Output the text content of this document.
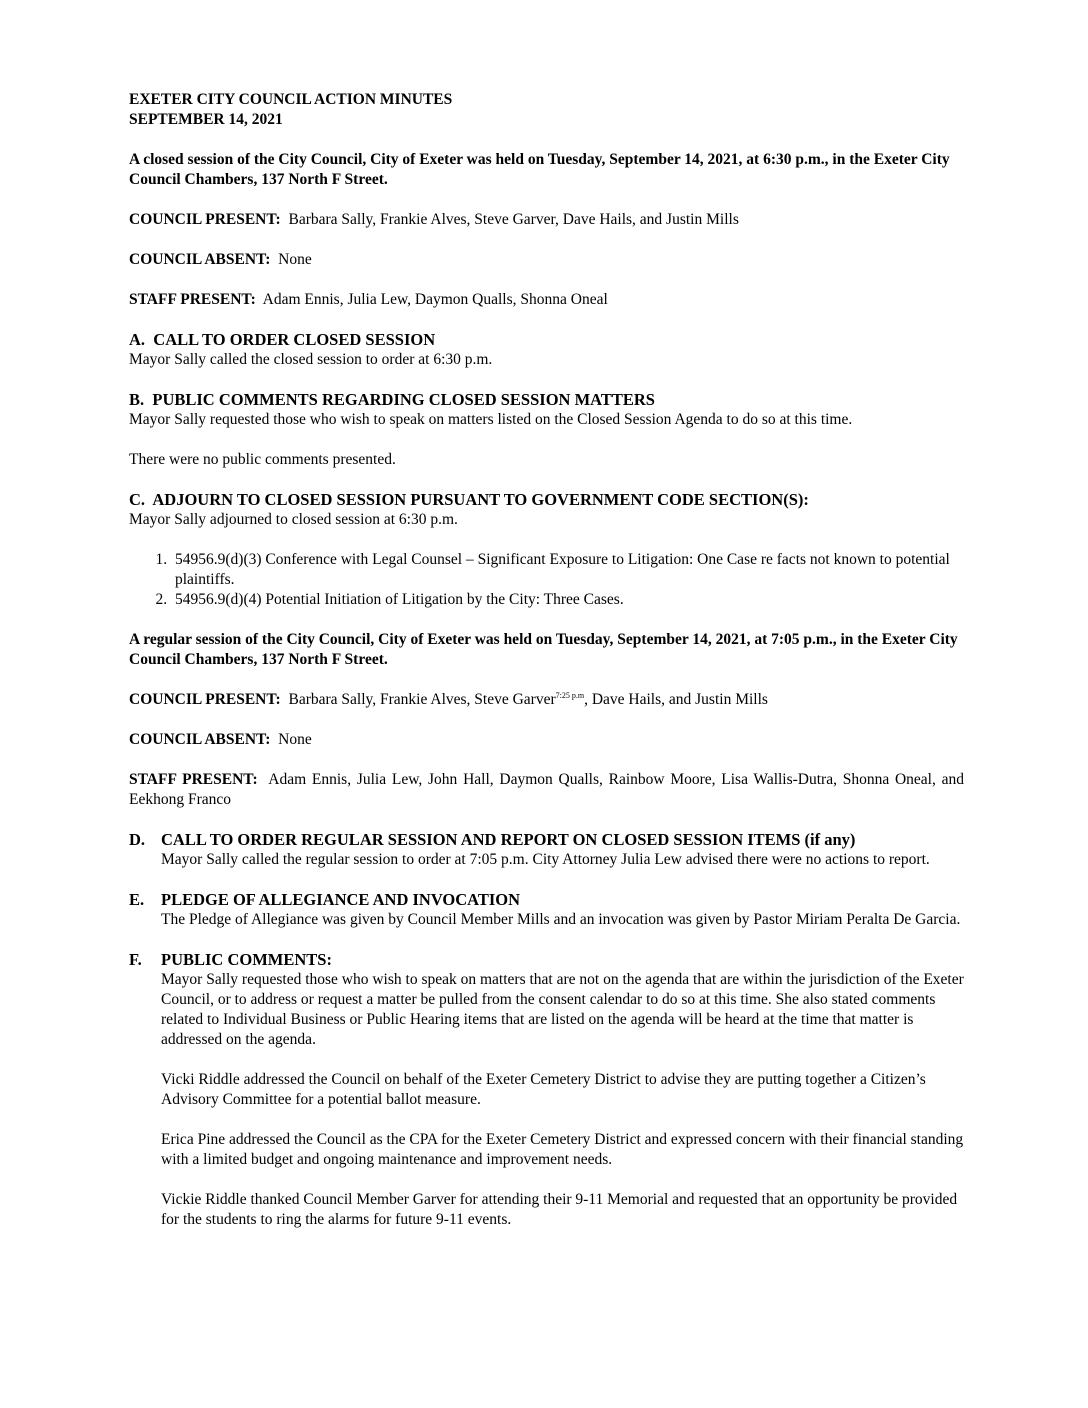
EXETER CITY COUNCIL ACTION MINUTES

SEPTEMBER 14, 2021

A closed session of the City Council, City of Exeter was held on Tuesday, September 14, 2021, at 6:30 p.m., in the Exeter City Council Chambers, 137 North F Street.

COUNCIL PRESENT: Barbara Sally, Frankie Alves, Steve Garver, Dave Hails, and Justin Mills

COUNCIL ABSENT: None

STAFF PRESENT: Adam Ennis, Julia Lew, Daymon Qualls, Shonna Oneal

A.  CALL TO ORDER CLOSED SESSION

Mayor Sally called the closed session to order at 6:30 p.m.

B.  PUBLIC COMMENTS REGARDING CLOSED SESSION MATTERS

Mayor Sally requested those who wish to speak on matters listed on the Closed Session Agenda to do so at this time.

There were no public comments presented.

C.  ADJOURN TO CLOSED SESSION PURSUANT TO GOVERNMENT CODE SECTION(S):

Mayor Sally adjourned to closed session at 6:30 p.m.

1. 54956.9(d)(3) Conference with Legal Counsel – Significant Exposure to Litigation: One Case re facts not known to potential plaintiffs.
2. 54956.9(d)(4) Potential Initiation of Litigation by the City: Three Cases.

A regular session of the City Council, City of Exeter was held on Tuesday, September 14, 2021, at 7:05 p.m., in the Exeter City Council Chambers, 137 North F Street.

COUNCIL PRESENT: Barbara Sally, Frankie Alves, Steve Garver$^{7:25 p.m}$, Dave Hails, and Justin Mills

COUNCIL ABSENT: None

STAFF PRESENT: Adam Ennis, Julia Lew, John Hall, Daymon Qualls, Rainbow Moore, Lisa Wallis-Dutra, Shonna Oneal, and Eekhong Franco

D. CALL TO ORDER REGULAR SESSION AND REPORT ON CLOSED SESSION ITEMS (if any)

Mayor Sally called the regular session to order at 7:05 p.m. City Attorney Julia Lew advised there were no actions to report.

E.	PLEDGE OF ALLEGIANCE AND INVOCATION

The Pledge of Allegiance was given by Council Member Mills and an invocation was given by Pastor Miriam Peralta De Garcia.

F.	PUBLIC COMMENTS:

Mayor Sally requested those who wish to speak on matters that are not on the agenda that are within the jurisdiction of the Exeter Council, or to address or request a matter be pulled from the consent calendar to do so at this time. She also stated comments related to Individual Business or Public Hearing items that are listed on the agenda will be heard at the time that matter is addressed on the agenda.

Vicki Riddle addressed the Council on behalf of the Exeter Cemetery District to advise they are putting together a Citizen’s Advisory Committee for a potential ballot measure.

Erica Pine addressed the Council as the CPA for the Exeter Cemetery District and expressed concern with their financial standing with a limited budget and ongoing maintenance and improvement needs.

Vickie Riddle thanked Council Member Garver for attending their 9-11 Memorial and requested that an opportunity be provided for the students to ring the alarms for future 9-11 events.
